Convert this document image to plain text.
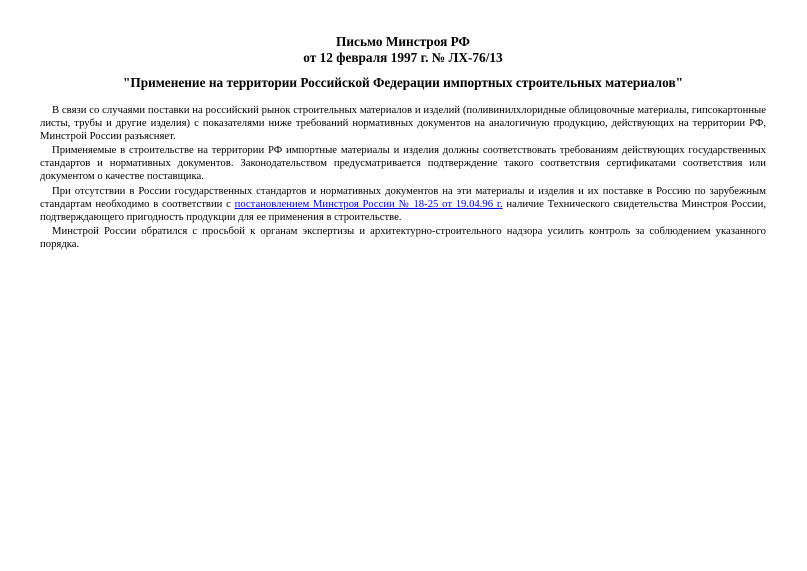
Письмо Минстроя РФ
от 12 февраля 1997 г. № ЛХ-76/13
"Применение на территории Российской Федерации импортных строительных материалов"

В связи со случаями поставки на российский рынок строительных материалов и изделий (поливинилхлоридные облицовочные материалы, гипсокартонные листы, трубы и другие изделия) с показателями ниже требований нормативных документов на аналогичную продукцию, действующих на территории РФ, Минстрой России разъясняет.

Применяемые в строительстве на территории РФ импортные материалы и изделия должны соответствовать требованиям действующих государственных стандартов и нормативных документов. Законодательством предусматривается подтверждение такого соответствия сертификатами соответствия или документом о качестве поставщика.

При отсутствии в России государственных стандартов и нормативных документов на эти материалы и изделия и их поставке в Россию по зарубежным стандартам необходимо в соответствии с постановлением Минстроя России № 18-25 от 19.04.96 г. наличие Технического свидетельства Минстроя России, подтверждающего пригодность продукции для ее применения в строительстве.

Минстрой России обратился с просьбой к органам экспертизы и архитектурно-строительного надзора усилить контроль за соблюдением указанного порядка.
